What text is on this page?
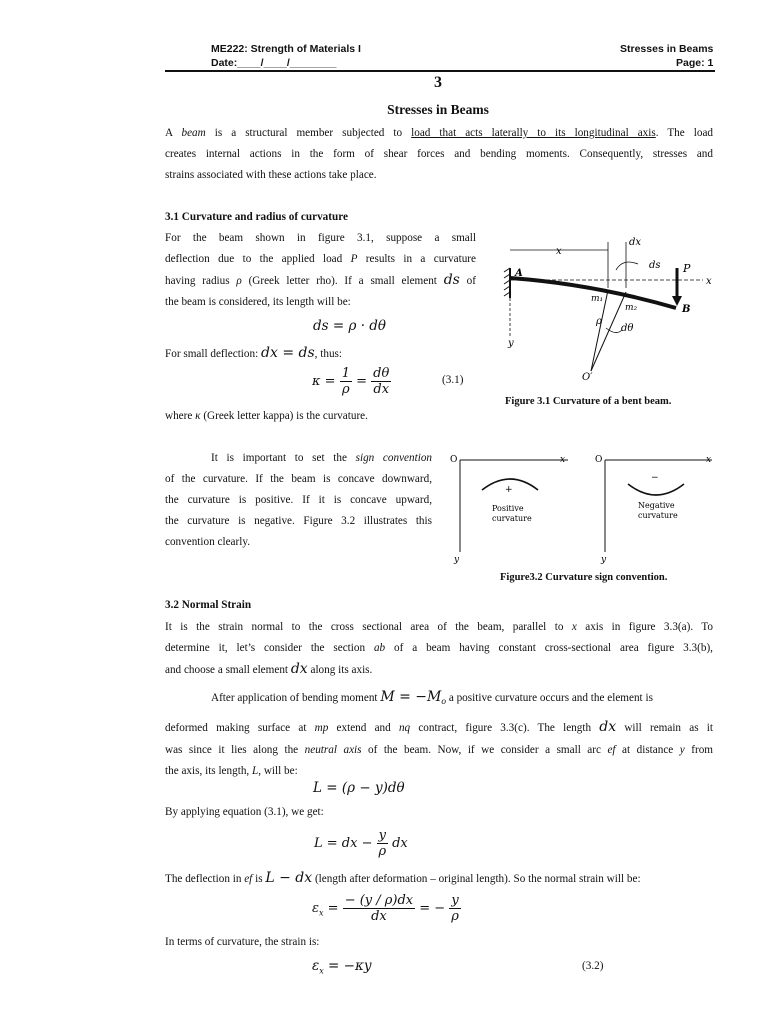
ME222: Strength of Materials I
Date:____/____/________
Stresses in Beams
Page: 1
3
Stresses in Beams
A beam is a structural member subjected to load that acts laterally to its longitudinal axis. The load
creates internal actions in the form of shear forces and bending moments. Consequently, stresses and
strains associated with these actions take place.
3.1 Curvature and radius of curvature
For the beam shown in figure 3.1, suppose a small
deflection due to the applied load P results in a curvature
having radius ρ (Greek letter rho). If a small element ds of
the beam is considered, its length will be:
ds = ρ · dθ
For small deflection: dx = ds, thus:
$\kappa = \frac{1}{\rho} = \frac{d\theta}{dx}$	(3.1)
where κ (Greek letter kappa) is the curvature.
x
dx
ds P
x
A
B
m₁
m₂
ρ
dθ
y
O′
Figure 3.1 Curvature of a bent beam.
It is important to set the sign convention
of the curvature. If the beam is concave downward,
the curvature is positive. If it is concave upward,
the curvature is negative. Figure 3.2 illustrates this
convention clearly.
O	x
y
+
Positive
curvature
O	x
y
−
Negative
curvature
Figure3.2 Curvature sign convention.
3.2 Normal Strain
It is the strain normal to the cross sectional area of the beam, parallel to x axis in figure 3.3(a). To
determine it, let’s consider the section ab of a beam having constant cross-sectional area figure 3.3(b),
and choose a small element dx along its axis.
After application of bending moment $M = -M_o$ a positive curvature occurs and the element is
deformed making surface at mp extend and nq contract, figure 3.3(c). The length dx will remain as it
was since it lies along the neutral axis of the beam. Now, if we consider a small arc ef at distance y from
the axis, its length, L, will be:
L = (ρ − y)dθ
By applying equation (3.1), we get:
L = dx − $\frac{y}{\rho}$ dx
The deflection in ef is L − dx (length after deformation – original length). So the normal strain will be:
$\varepsilon_x = \frac{- (y / \rho)dx}{dx}$ = − $\frac{y}{\rho}$
In terms of curvature, the strain is:
$\varepsilon_x = -\kappa y$	(3.2)
